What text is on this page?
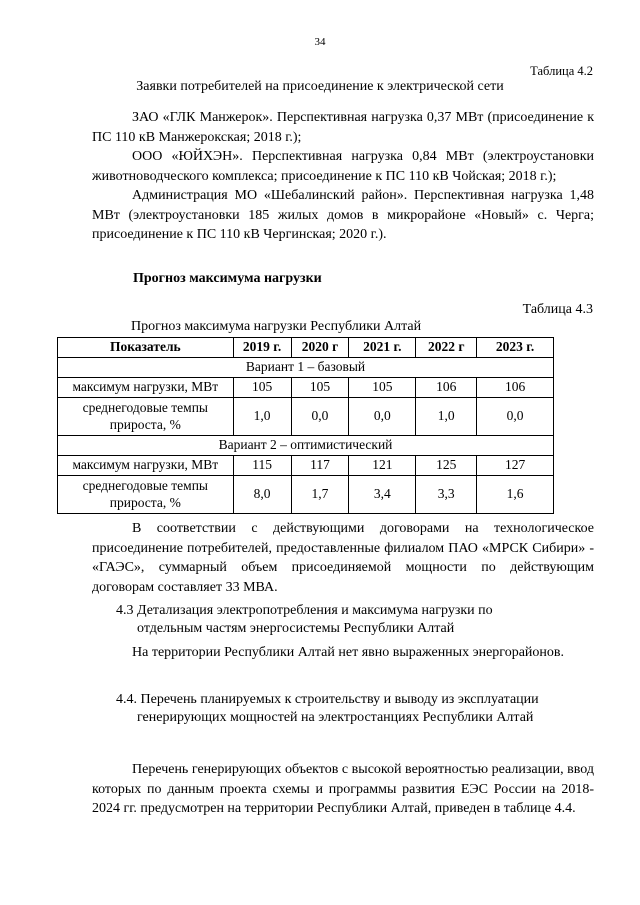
34
Таблица 4.2
Заявки потребителей на присоединение к электрической сети

ЗАО «ГЛК Манжерок». Перспективная нагрузка 0,37 МВт (присоединение к ПС 110 кВ Манжерокская; 2018 г.);

ООО «ЮЙХЭН». Перспективная нагрузка 0,84 МВт (электроустановки животноводческого комплекса; присоединение к ПС 110 кВ Чойская; 2018 г.);

Администрация МО «Шебалинский район». Перспективная нагрузка 1,48 МВт (электроустановки 185 жилых домов в микрорайоне «Новый» с. Черга; присоединение к ПС 110 кВ Чергинская; 2020 г.).

Прогноз максимума нагрузки
Таблица 4.3
Прогноз максимума нагрузки Республики Алтай
Показатель	2019 г.	2020 г	2021 г.	2022 г	2023 г.
Вариант 1 – базовый					
максимум нагрузки, МВт	105	105	105	106	106
среднегодовые темпы прироста, %	1,0	0,0	0,0	1,0	0,0
Вариант 2 – оптимистический					
максимум нагрузки, МВт	115	117	121	125	127
среднегодовые темпы прироста, %	8,0	1,7	3,4	3,3	1,6

В соответствии с действующими договорами на технологическое присоединение потребителей, предоставленные филиалом ПАО «МРСК Сибири» - «ГАЭС», суммарный объем присоединяемой мощности по действующим договорам составляет 33 МВА.

4.3 Детализация электропотребления и максимума нагрузки по
отдельным частям энергосистемы Республики Алтай

На территории Республики Алтай нет явно выраженных энергорайонов.

4.4. Перечень планируемых к строительству и выводу из эксплуатации
генерирующих мощностей на электростанциях Республики Алтай

Перечень генерирующих объектов с высокой вероятностью реализации, ввод которых по данным проекта схемы и программы развития ЕЭС России на 2018-2024 гг. предусмотрен на территории Республики Алтай, приведен в таблице 4.4.
